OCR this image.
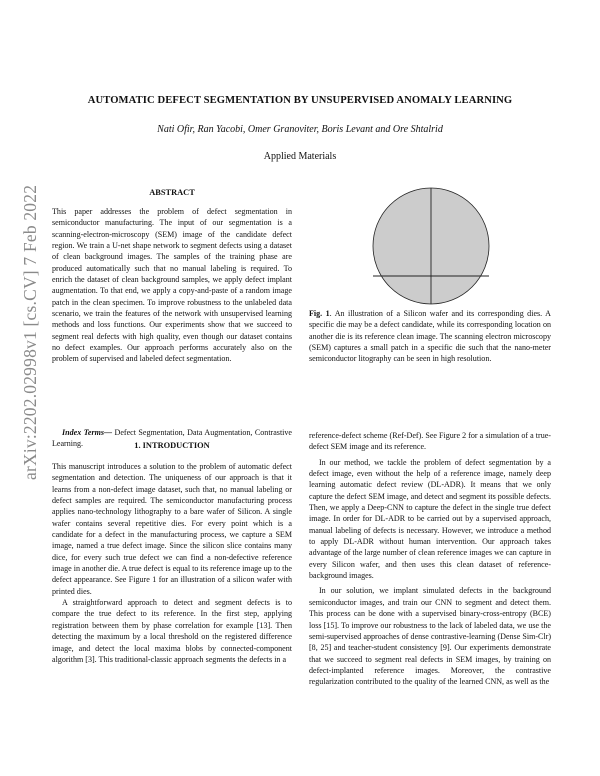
arXiv:2202.02998v1 [cs.CV] 7 Feb 2022
AUTOMATIC DEFECT SEGMENTATION BY UNSUPERVISED ANOMALY LEARNING
Nati Ofir, Ran Yacobi, Omer Granoviter, Boris Levant and Ore Shtalrid
Applied Materials

ABSTRACT

This paper addresses the problem of defect segmentation in semiconductor manufacturing. The input of our segmentation is a scanning-electron-microscopy (SEM) image of the candidate defect region. We train a U-net shape network to segment defects using a dataset of clean background images. The samples of the training phase are produced automatically such that no manual labeling is required. To enrich the dataset of clean background samples, we apply defect implant augmentation. To that end, we apply a copy-and-paste of a random image patch in the clean specimen. To improve robustness to the unlabeled data scenario, we train the features of the network with unsupervised learning methods and loss functions. Our experiments show that we succeed to segment real defects with high quality, even though our dataset contains no defect examples. Our approach performs accurately also on the problem of supervised and labeled defect segmentation.

Index Terms— Defect Segmentation, Data Augmentation, Contrastive Learning.	1. INTRODUCTION

This manuscript introduces a solution to the problem of automatic defect segmentation and detection. The uniqueness of our approach is that it learns from a non-defect image dataset, such that, no manual labeling or defect samples are required. The semiconductor manufacturing process applies nano-technology lithography to a bare wafer of Silicon. A single wafer contains several repetitive dies. For every point which is a candidate for a defect in the manufacturing process, we capture a SEM image, named a true defect image. Since the silicon slice contains many dice, for every such true defect we can find a non-defective reference image in another die. A true defect is equal to its reference image up to the defect appearance. See Figure 1 for an illustration of a silicon wafer with printed dies.

A straightforward approach to detect and segment defects is to compare the true defect to its reference. In the first step, applying registration between them by phase correlation for example [13]. Then detecting the maximum by a local threshold on the registered difference image, and detect the local maxima blobs by connected-component algorithm [3]. This traditional-classic approach segments the defects in a

Fig. 1. An illustration of a Silicon wafer and its corresponding dies. A specific die may be a defect candidate, while its corresponding location on another die is its reference clean image. The scanning electron microscopy (SEM) captures a small patch in a specific die such that the nano-meter semiconductor litography can be seen in high resolution.

reference-defect scheme (Ref-Def). See Figure 2 for a simulation of a true-defect SEM image and its reference.

In our method, we tackle the problem of defect segmentation by a defect image, even without the help of a reference image, namely deep learning automatic defect review (DL-ADR). It means that we only capture the defect SEM image, and detect and segment its possible defects. Then, we apply a Deep-CNN to capture the defect in the single true defect image. In order for DL-ADR to be carried out by a supervised approach, manual labeling of defects is necessary. However, we introduce a method to apply DL-ADR without human intervention. Our approach takes advantage of the large number of clean reference images we can capture in every Silicon wafer, and then uses this clean dataset of reference-background images.

In our solution, we implant simulated defects in the background semiconductor images, and train our CNN to segment and detect them. This process can be done with a supervised binary-cross-entropy (BCE) loss [15]. To improve our robustness to the lack of labeled data, we use the semi-supervised approaches of dense contrastive-learning (Dense Sim-Clr) [8, 25] and teacher-student consistency [9]. Our experiments demonstrate that we succeed to segment real defects in SEM images, by training on defect-implanted reference images. Moreover, the contrastive regularization contributed to the quality of the learned CNN, as well as the
